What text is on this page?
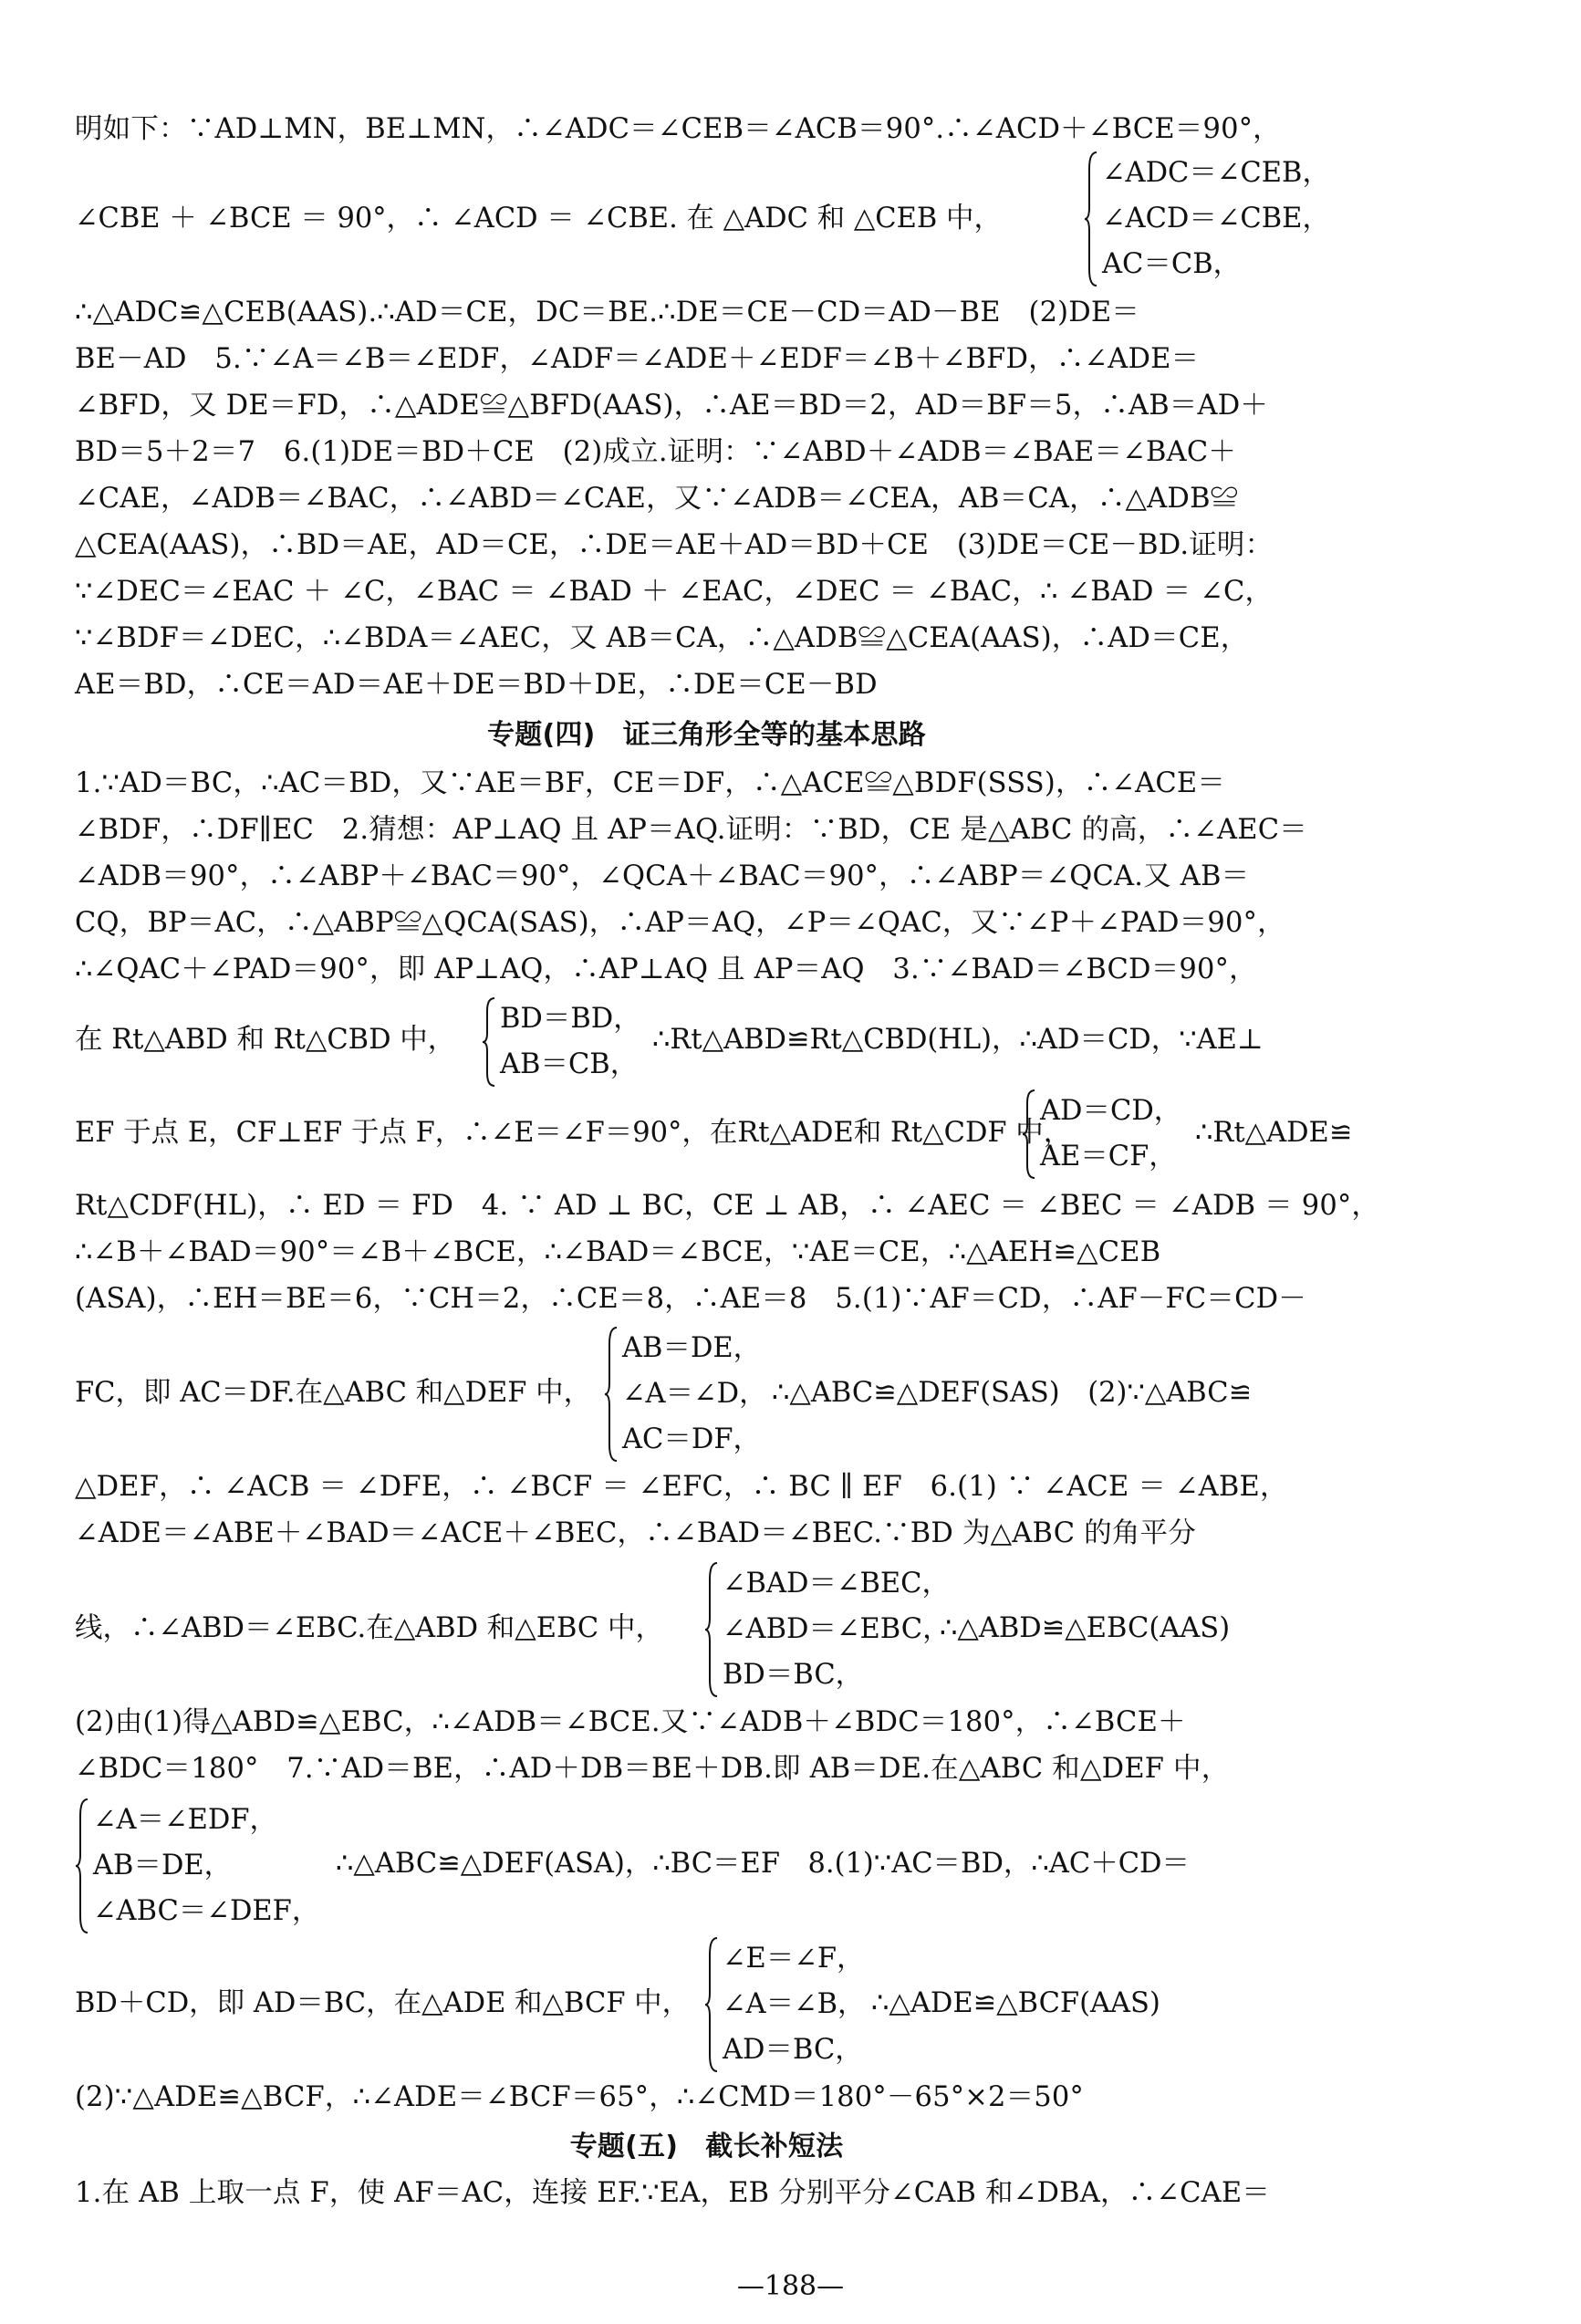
明如下：∵AD⊥MN，BE⊥MN，∴∠ADC＝∠CEB＝∠ACB＝90°.∴∠ACD＋∠BCE＝90°，
∠CBE ＋ ∠BCE ＝ 90°，∴ ∠ACD ＝ ∠CBE. 在 △ADC 和 △CEB 中，
∠ADC＝∠CEB，
∠ACD＝∠CBE，
AC＝CB，
∴△ADC≌△CEB(AAS).∴AD＝CE，DC＝BE.∴DE＝CE－CD＝AD－BE　(2)DE＝
BE－AD　5.∵∠A＝∠B＝∠EDF，∠ADF＝∠ADE＋∠EDF＝∠B＋∠BFD，∴∠ADE＝
∠BFD，又 DE＝FD，∴△ADE≌△BFD(AAS)，∴AE＝BD＝2，AD＝BF＝5，∴AB＝AD＋
BD＝5＋2＝7　6.(1)DE＝BD＋CE　(2)成立.证明：∵∠ABD＋∠ADB＝∠BAE＝∠BAC＋
∠CAE，∠ADB＝∠BAC，∴∠ABD＝∠CAE，又∵∠ADB＝∠CEA，AB＝CA，∴△ADB≌
△CEA(AAS)，∴BD＝AE，AD＝CE，∴DE＝AE＋AD＝BD＋CE　(3)DE＝CE－BD.证明：
∵∠DEC＝∠EAC ＋ ∠C，∠BAC ＝ ∠BAD ＋ ∠EAC，∠DEC ＝ ∠BAC，∴ ∠BAD ＝ ∠C，
∵∠BDF＝∠DEC，∴∠BDA＝∠AEC，又 AB＝CA，∴△ADB≌△CEA(AAS)，∴AD＝CE，
AE＝BD，∴CE＝AD＝AE＋DE＝BD＋DE，∴DE＝CE－BD
专题(四)　证三角形全等的基本思路
1.∵AD＝BC，∴AC＝BD，又∵AE＝BF，CE＝DF，∴△ACE≌△BDF(SSS)，∴∠ACE＝
∠BDF，∴DF∥EC　2.猜想：AP⊥AQ 且 AP＝AQ.证明：∵BD，CE 是△ABC 的高，∴∠AEC＝
∠ADB＝90°，∴∠ABP＋∠BAC＝90°，∠QCA＋∠BAC＝90°，∴∠ABP＝∠QCA.又 AB＝
CQ，BP＝AC，∴△ABP≌△QCA(SAS)，∴AP＝AQ，∠P＝∠QAC，又∵∠P＋∠PAD＝90°，
∴∠QAC＋∠PAD＝90°，即 AP⊥AQ，∴AP⊥AQ 且 AP＝AQ　3.∵∠BAD＝∠BCD＝90°，
在 Rt△ABD 和 Rt△CBD 中，
BD＝BD，
AB＝CB，
∴Rt△ABD≌Rt△CBD(HL)，∴AD＝CD，∵AE⊥
EF 于点 E，CF⊥EF 于点 F，∴∠E＝∠F＝90°，在Rt△ADE和 Rt△CDF 中，
AD＝CD，
AE＝CF，
∴Rt△ADE≌
Rt△CDF(HL)，∴ ED ＝ FD　4. ∵ AD ⊥ BC，CE ⊥ AB，∴ ∠AEC ＝ ∠BEC ＝ ∠ADB ＝ 90°，
∴∠B＋∠BAD＝90°＝∠B＋∠BCE，∴∠BAD＝∠BCE，∵AE＝CE，∴△AEH≌△CEB
(ASA)，∴EH＝BE＝6，∵CH＝2，∴CE＝8，∴AE＝8　5.(1)∵AF＝CD，∴AF－FC＝CD－
FC，即 AC＝DF.在△ABC 和△DEF 中，
AB＝DE，
∠A＝∠D，
AC＝DF，
∴△ABC≌△DEF(SAS)　(2)∵△ABC≌
△DEF，∴ ∠ACB ＝ ∠DFE，∴ ∠BCF ＝ ∠EFC，∴ BC ∥ EF　6.(1) ∵ ∠ACE ＝ ∠ABE，
∠ADE＝∠ABE＋∠BAD＝∠ACE＋∠BEC，∴∠BAD＝∠BEC.∵BD 为△ABC 的角平分
线，∴∠ABD＝∠EBC.在△ABD 和△EBC 中，
∠BAD＝∠BEC，
∠ABD＝∠EBC，
BD＝BC，
∴△ABD≌△EBC(AAS)
(2)由(1)得△ABD≌△EBC，∴∠ADB＝∠BCE.又∵∠ADB＋∠BDC＝180°，∴∠BCE＋
∠BDC＝180°　7.∵AD＝BE，∴AD＋DB＝BE＋DB.即 AB＝DE.在△ABC 和△DEF 中，
∠A＝∠EDF，
AB＝DE，
∠ABC＝∠DEF，
∴△ABC≌△DEF(ASA)，∴BC＝EF　8.(1)∵AC＝BD，∴AC＋CD＝
BD＋CD，即 AD＝BC，在△ADE 和△BCF 中，
∠E＝∠F，
∠A＝∠B，
AD＝BC，
∴△ADE≌△BCF(AAS)
(2)∵△ADE≌△BCF，∴∠ADE＝∠BCF＝65°，∴∠CMD＝180°－65°×2＝50°
专题(五)　截长补短法
1.在 AB 上取一点 F，使 AF＝AC，连接 EF.∵EA，EB 分别平分∠CAB 和∠DBA，∴∠CAE＝
—188—
